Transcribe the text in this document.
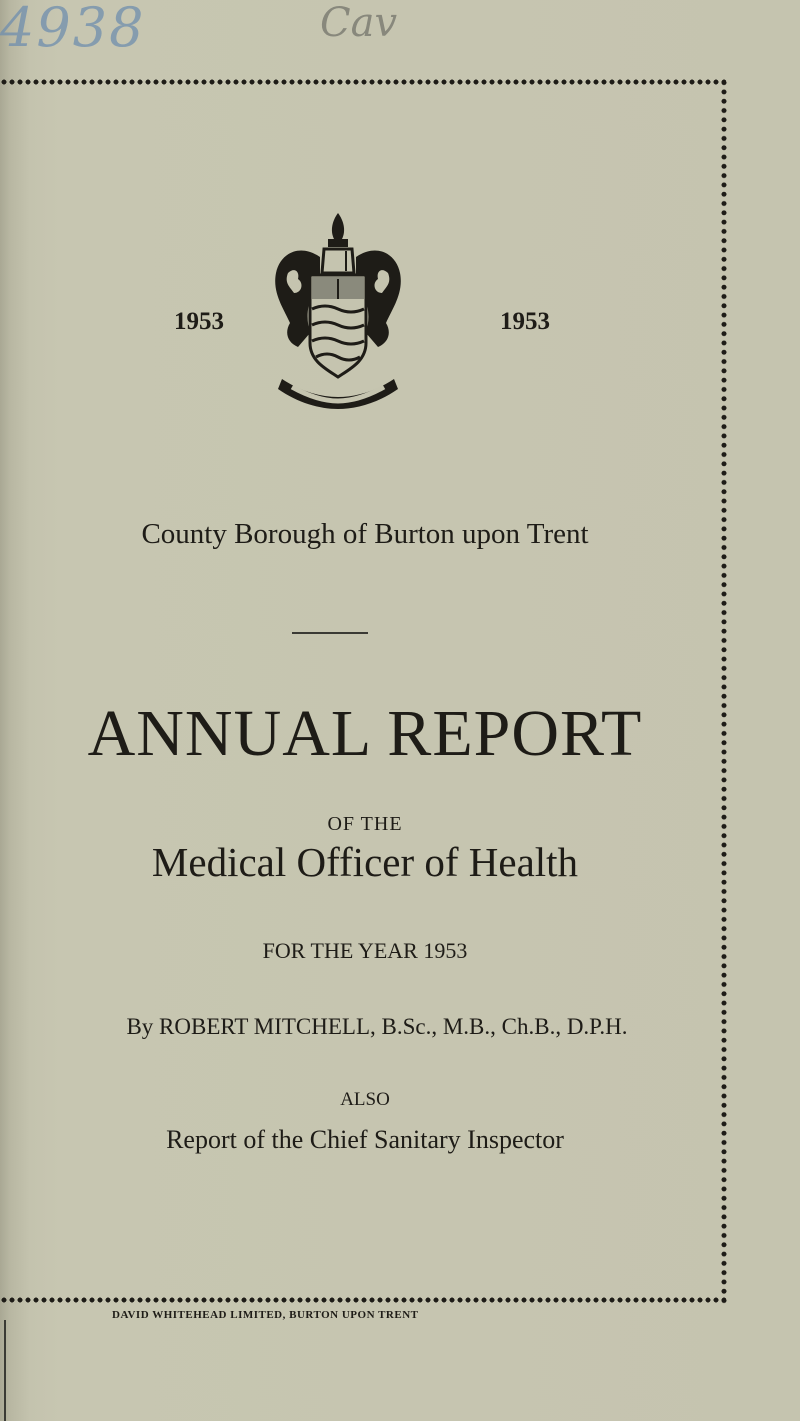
4938	Cav
1953	1953
County Borough of Burton upon Trent
ANNUAL REPORT
OF THE
Medical Officer of Health
FOR THE YEAR 1953
By ROBERT MITCHELL, B.Sc., M.B., Ch.B., D.P.H.
ALSO
Report of the Chief Sanitary Inspector
DAVID WHITEHEAD LIMITED, BURTON UPON TRENT
